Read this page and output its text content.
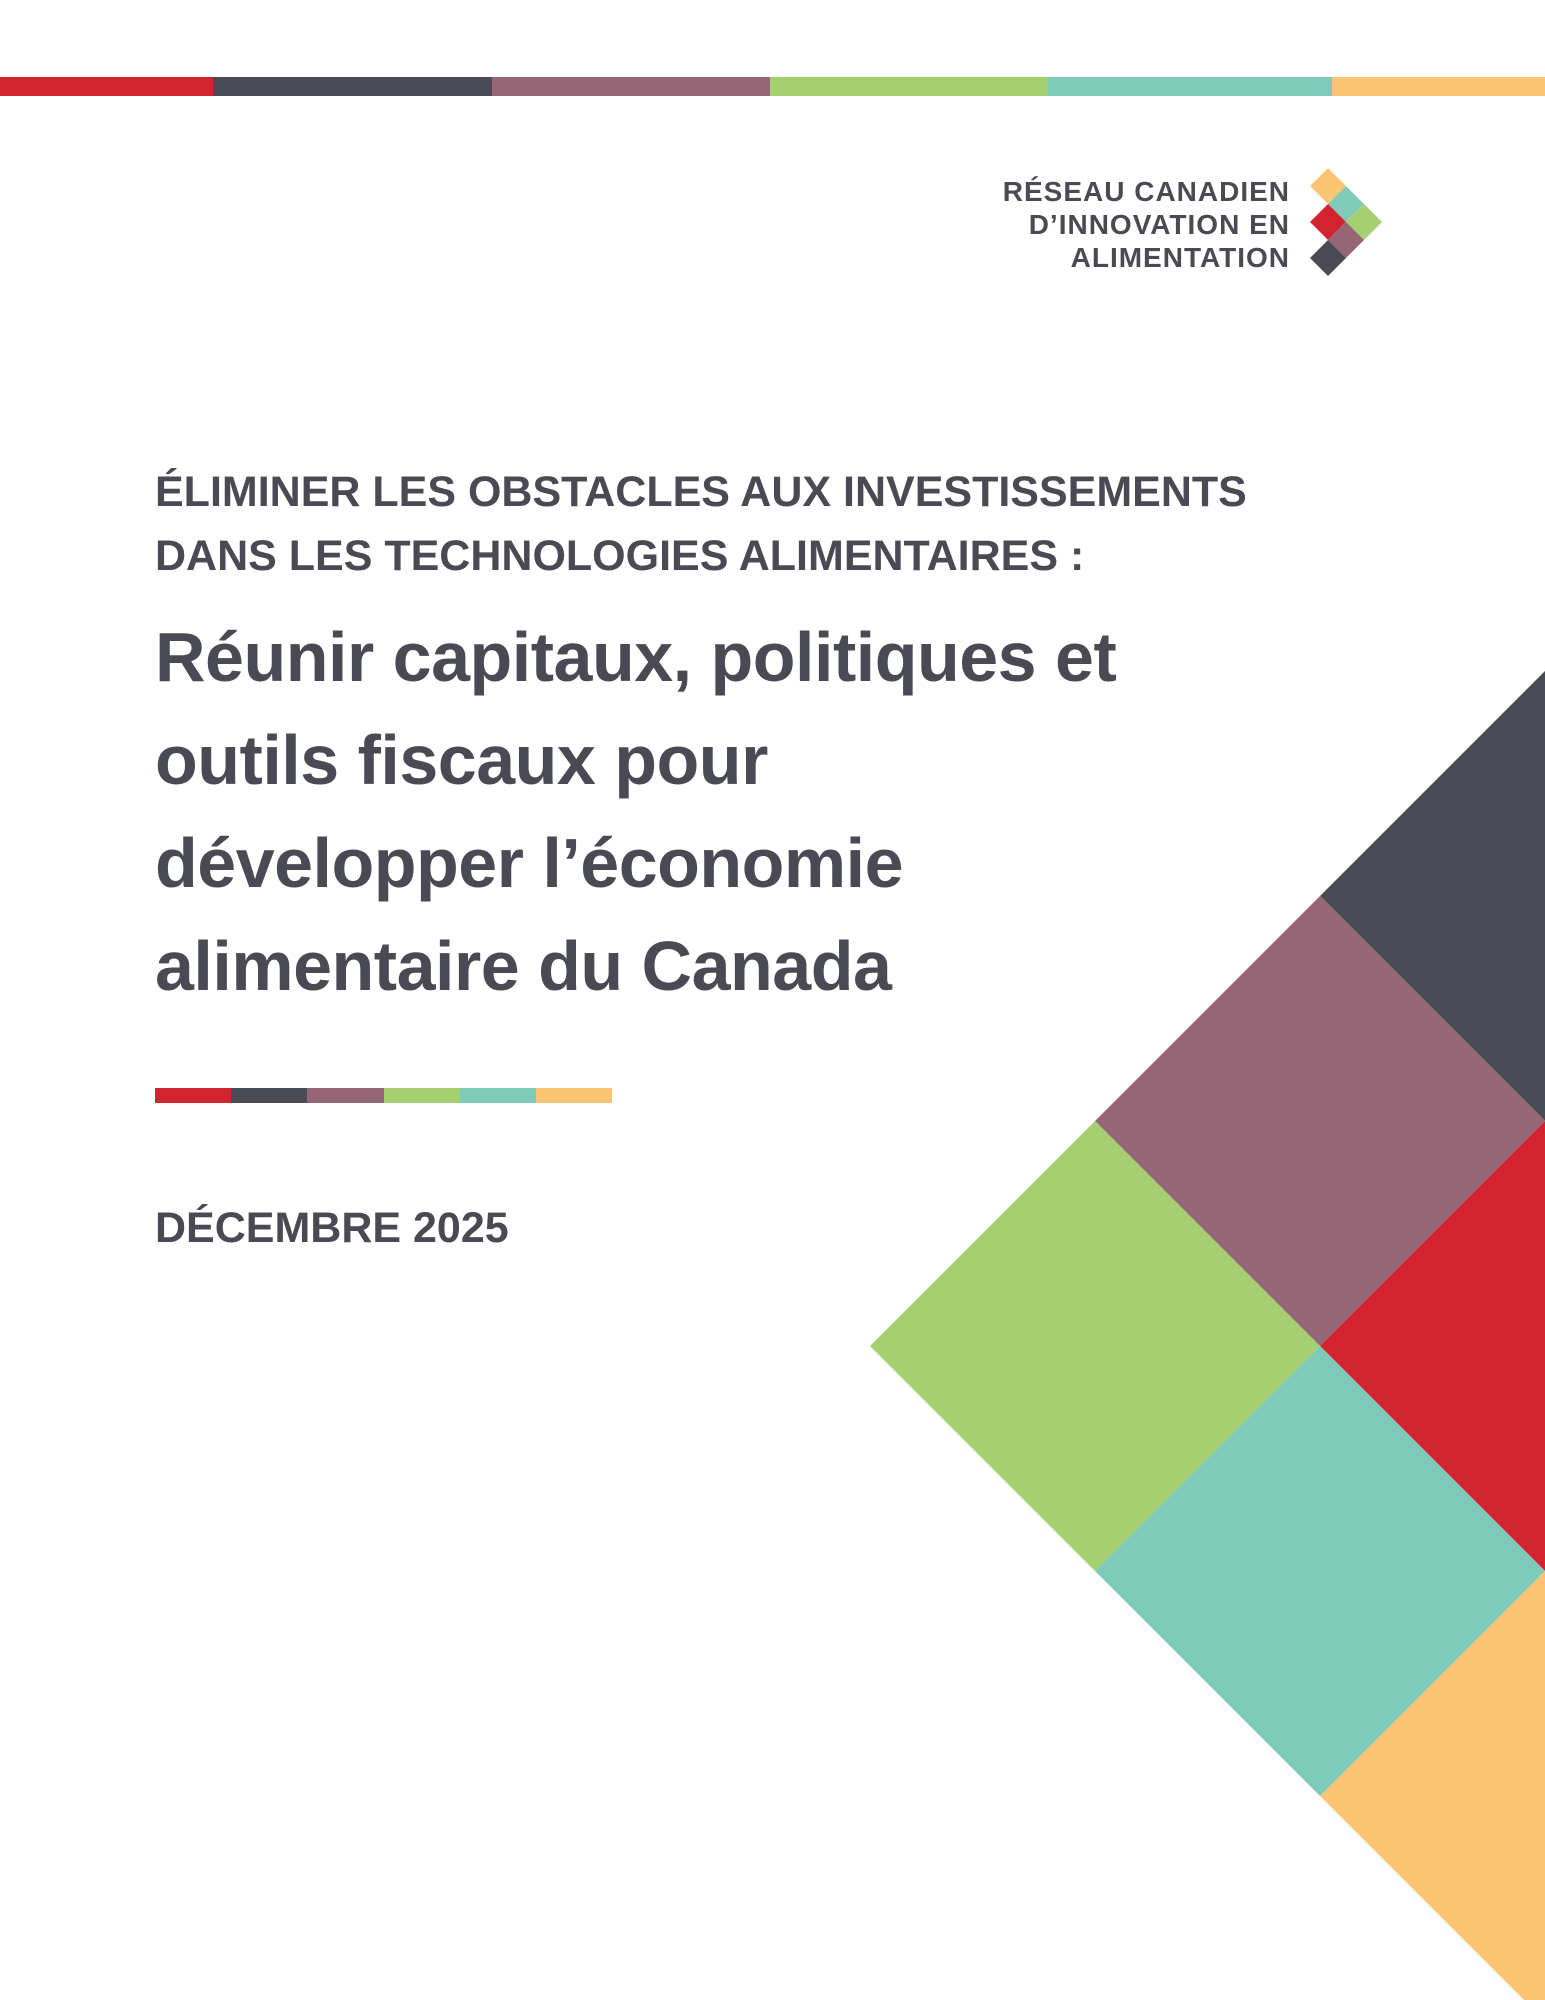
RÉSEAU CANADIEN
D’INNOVATION EN
ALIMENTATION
ÉLIMINER LES OBSTACLES AUX INVESTISSEMENTS
DANS LES TECHNOLOGIES ALIMENTAIRES :
Réunir capitaux, politiques et
outils fiscaux pour
développer l’économie
alimentaire du Canada

DÉCEMBRE 2025
